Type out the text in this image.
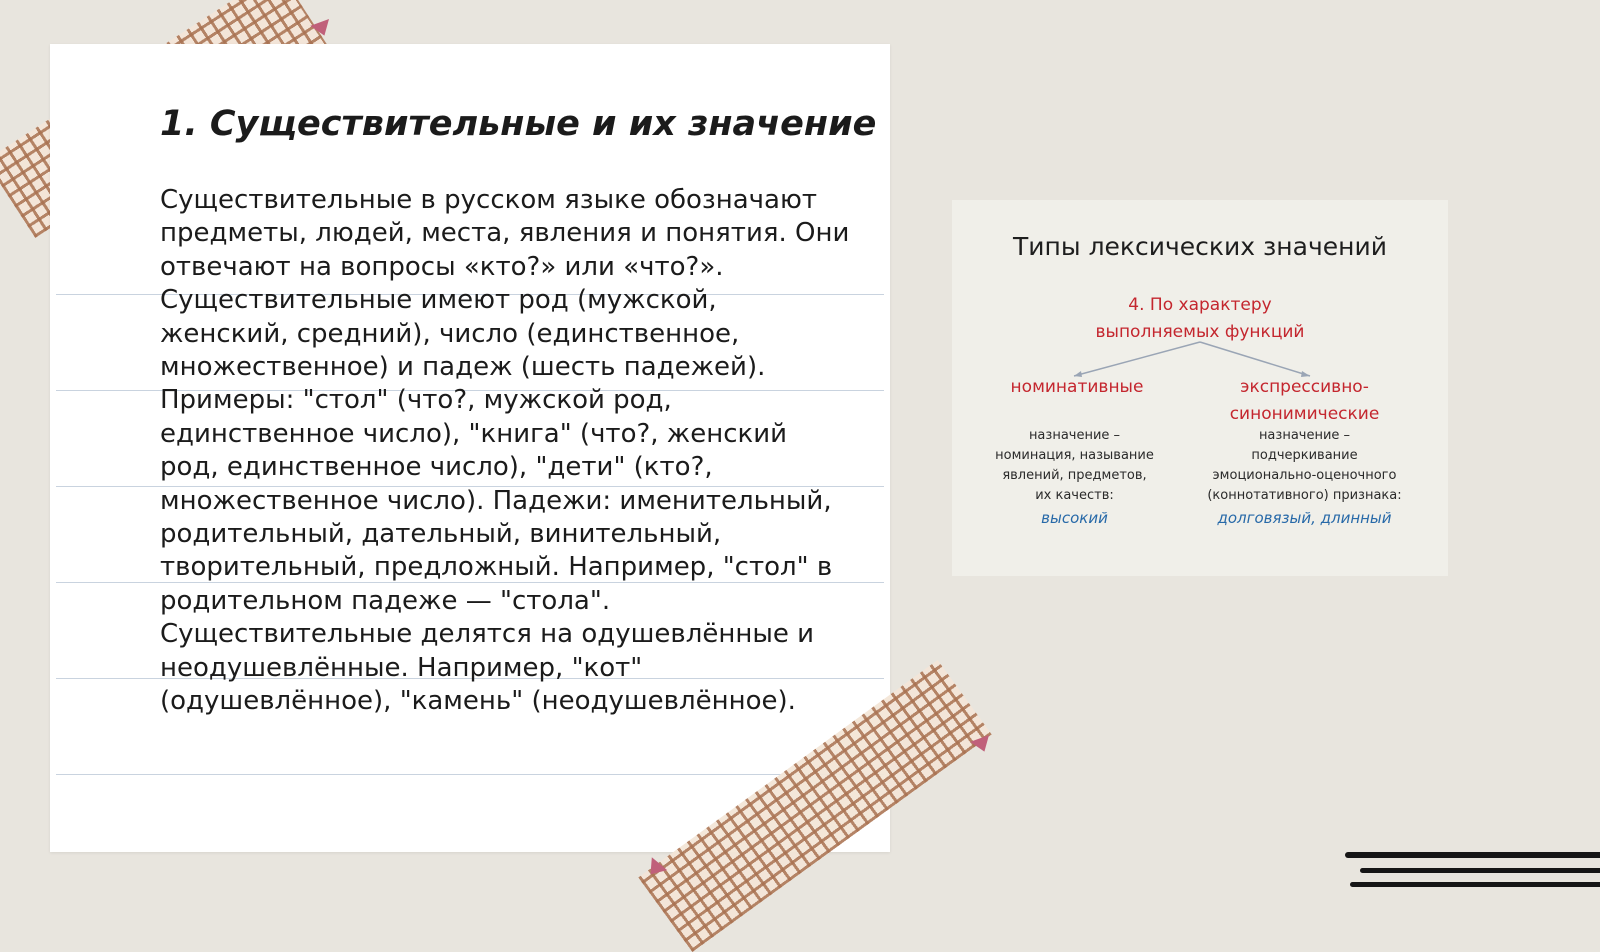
1. Существительные и их значение

Существительные в русском языке обозначают предметы, людей, места, явления и понятия. Они отвечают на вопросы «кто?» или «что?». Существительные имеют род (мужской, женский, средний), число (единственное, множественное) и падеж (шесть падежей). Примеры: "стол" (что?, мужской род, единственное число), "книга" (что?, женский род, единственное число), "дети" (кто?, множественное число). Падежи: именительный, родительный, дательный, винительный, творительный, предложный. Например, "стол" в родительном падеже — "стола". Существительные делятся на одушевлённые и неодушевлённые. Например, "кот" (одушевлённое), "камень" (неодушевлённое).

Типы лексических значений
4. По характеру
выполняемых функций
номинативные	экспрессивно-
синонимические
назначение –
номинация, называние
явлений, предметов,
их качеств:
высокий
назначение –
подчеркивание
эмоционально-оценочного
(коннотативного) признака:
долговязый, длинный
